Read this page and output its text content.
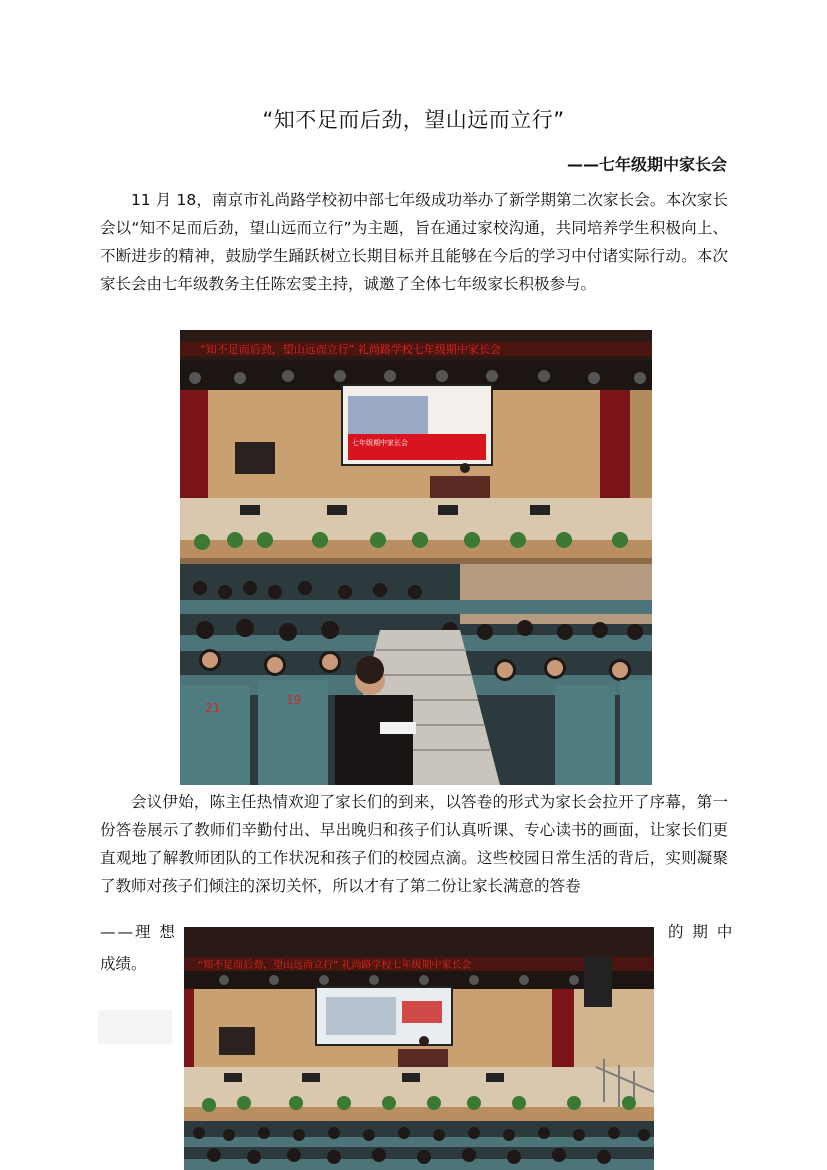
“知不足而后劲，望山远而立行”
——七年级期中家长会
11 月 18，南京市礼尚路学校初中部七年级成功举办了新学期第二次家长会。本次家长会以“知不足而后劲，望山远而立行”为主题，旨在通过家校沟通，共同培养学生积极向上、不断进步的精神，鼓励学生踊跃树立长期目标并且能够在今后的学习中付诸实际行动。本次家长会由七年级教务主任陈宏雯主持，诚邀了全体七年级家长积极参与。
“知不足而后劲，望山远而立行” 礼尚路学校七年级期中家长会
七年级期中家长会
21
19
会议伊始，陈主任热情欢迎了家长们的到来，以答卷的形式为家长会拉开了序幕，第一份答卷展示了教师们辛勤付出、早出晚归和孩子们认真听课、专心读书的画面，让家长们更直观地了解教师团队的工作状况和孩子们的校园点滴。这些校园日常生活的背后，实则凝聚了教师对孩子们倾注的深切关怀，所以才有了第二份让家长满意的答卷
——理 想	的 期 中
成绩。	“知不足而后劲，望山远而立行” 礼尚路学校七年级期中家长会
